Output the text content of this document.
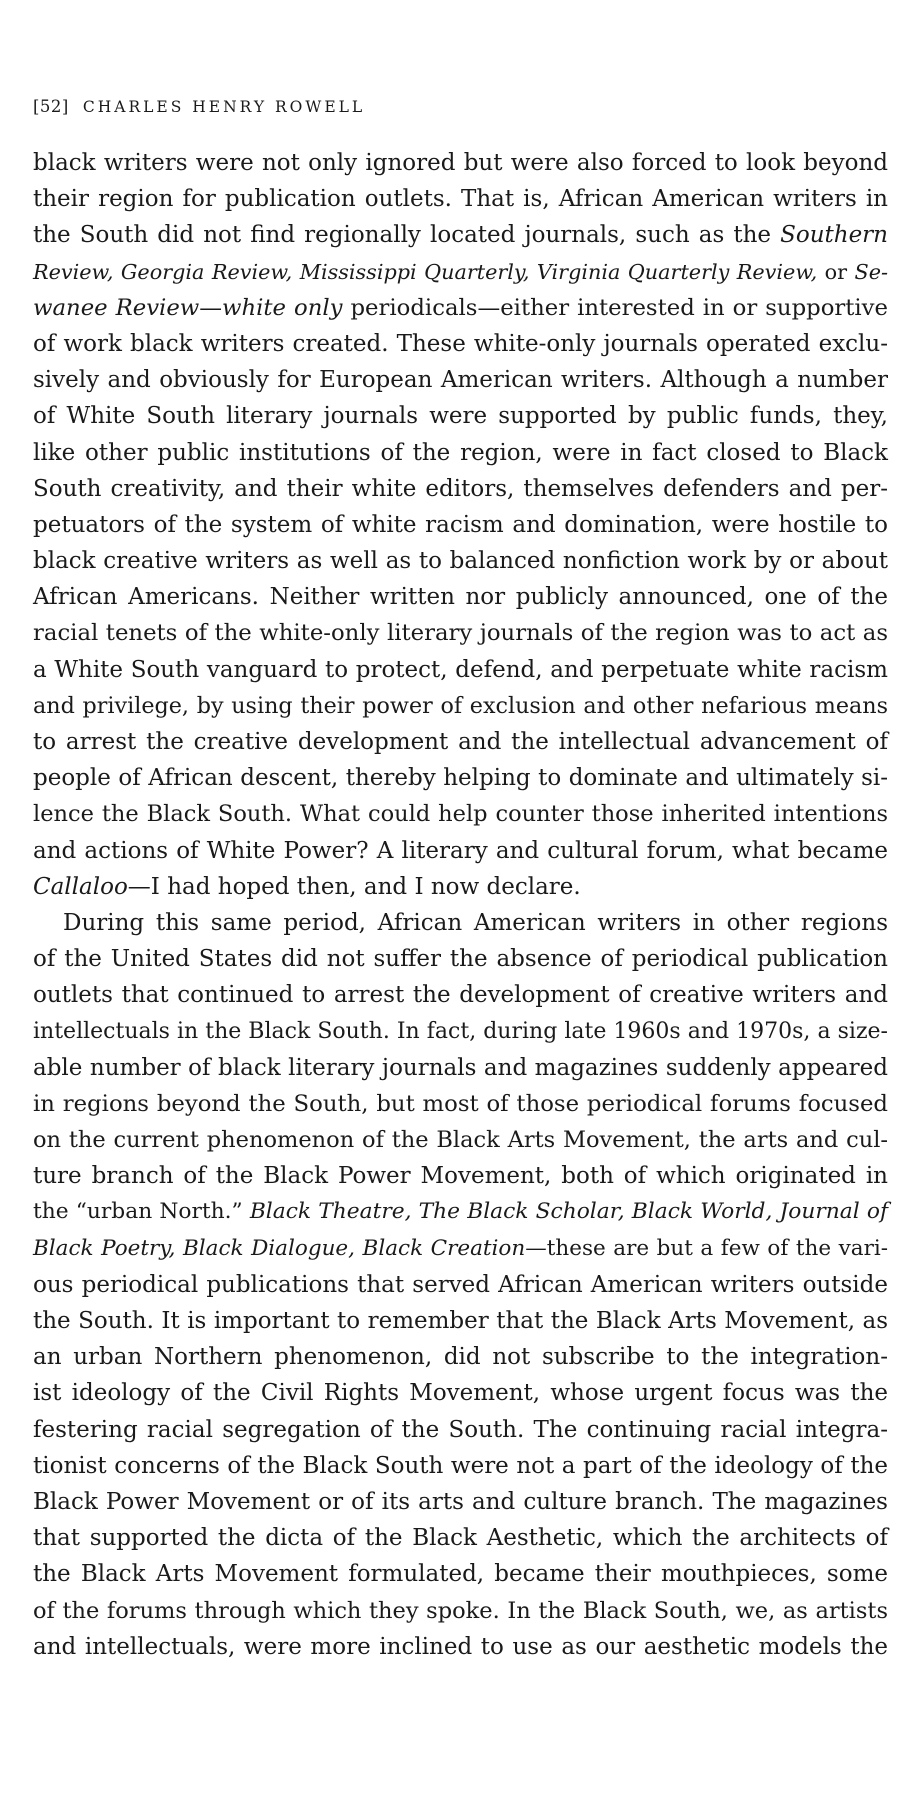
[52] CHARLES HENRY ROWELL
black writers were not only ignored but were also forced to look beyond
their region for publication outlets. That is, African American writers in
the South did not find regionally located journals, such as the Southern
Review, Georgia Review, Mississippi Quarterly, Virginia Quarterly Review, or Se-
wanee Review—white only periodicals—either interested in or supportive
of work black writers created. These white-only journals operated exclu-
sively and obviously for European American writers. Although a number
of White South literary journals were supported by public funds, they,
like other public institutions of the region, were in fact closed to Black
South creativity, and their white editors, themselves defenders and per-
petuators of the system of white racism and domination, were hostile to
black creative writers as well as to balanced nonfiction work by or about
African Americans. Neither written nor publicly announced, one of the
racial tenets of the white-only literary journals of the region was to act as
a White South vanguard to protect, defend, and perpetuate white racism
and privilege, by using their power of exclusion and other nefarious means
to arrest the creative development and the intellectual advancement of
people of African descent, thereby helping to dominate and ultimately si-
lence the Black South. What could help counter those inherited intentions
and actions of White Power? A literary and cultural forum, what became
Callaloo—I had hoped then, and I now declare.
During this same period, African American writers in other regions
of the United States did not suffer the absence of periodical publication
outlets that continued to arrest the development of creative writers and
intellectuals in the Black South. In fact, during late 1960s and 1970s, a size-
able number of black literary journals and magazines suddenly appeared
in regions beyond the South, but most of those periodical forums focused
on the current phenomenon of the Black Arts Movement, the arts and cul-
ture branch of the Black Power Movement, both of which originated in
the “urban North.” Black Theatre, The Black Scholar, Black World, Journal of
Black Poetry, Black Dialogue, Black Creation—these are but a few of the vari-
ous periodical publications that served African American writers outside
the South. It is important to remember that the Black Arts Movement, as
an urban Northern phenomenon, did not subscribe to the integration-
ist ideology of the Civil Rights Movement, whose urgent focus was the
festering racial segregation of the South. The continuing racial integra-
tionist concerns of the Black South were not a part of the ideology of the
Black Power Movement or of its arts and culture branch. The magazines
that supported the dicta of the Black Aesthetic, which the architects of
the Black Arts Movement formulated, became their mouthpieces, some
of the forums through which they spoke. In the Black South, we, as artists
and intellectuals, were more inclined to use as our aesthetic models the
